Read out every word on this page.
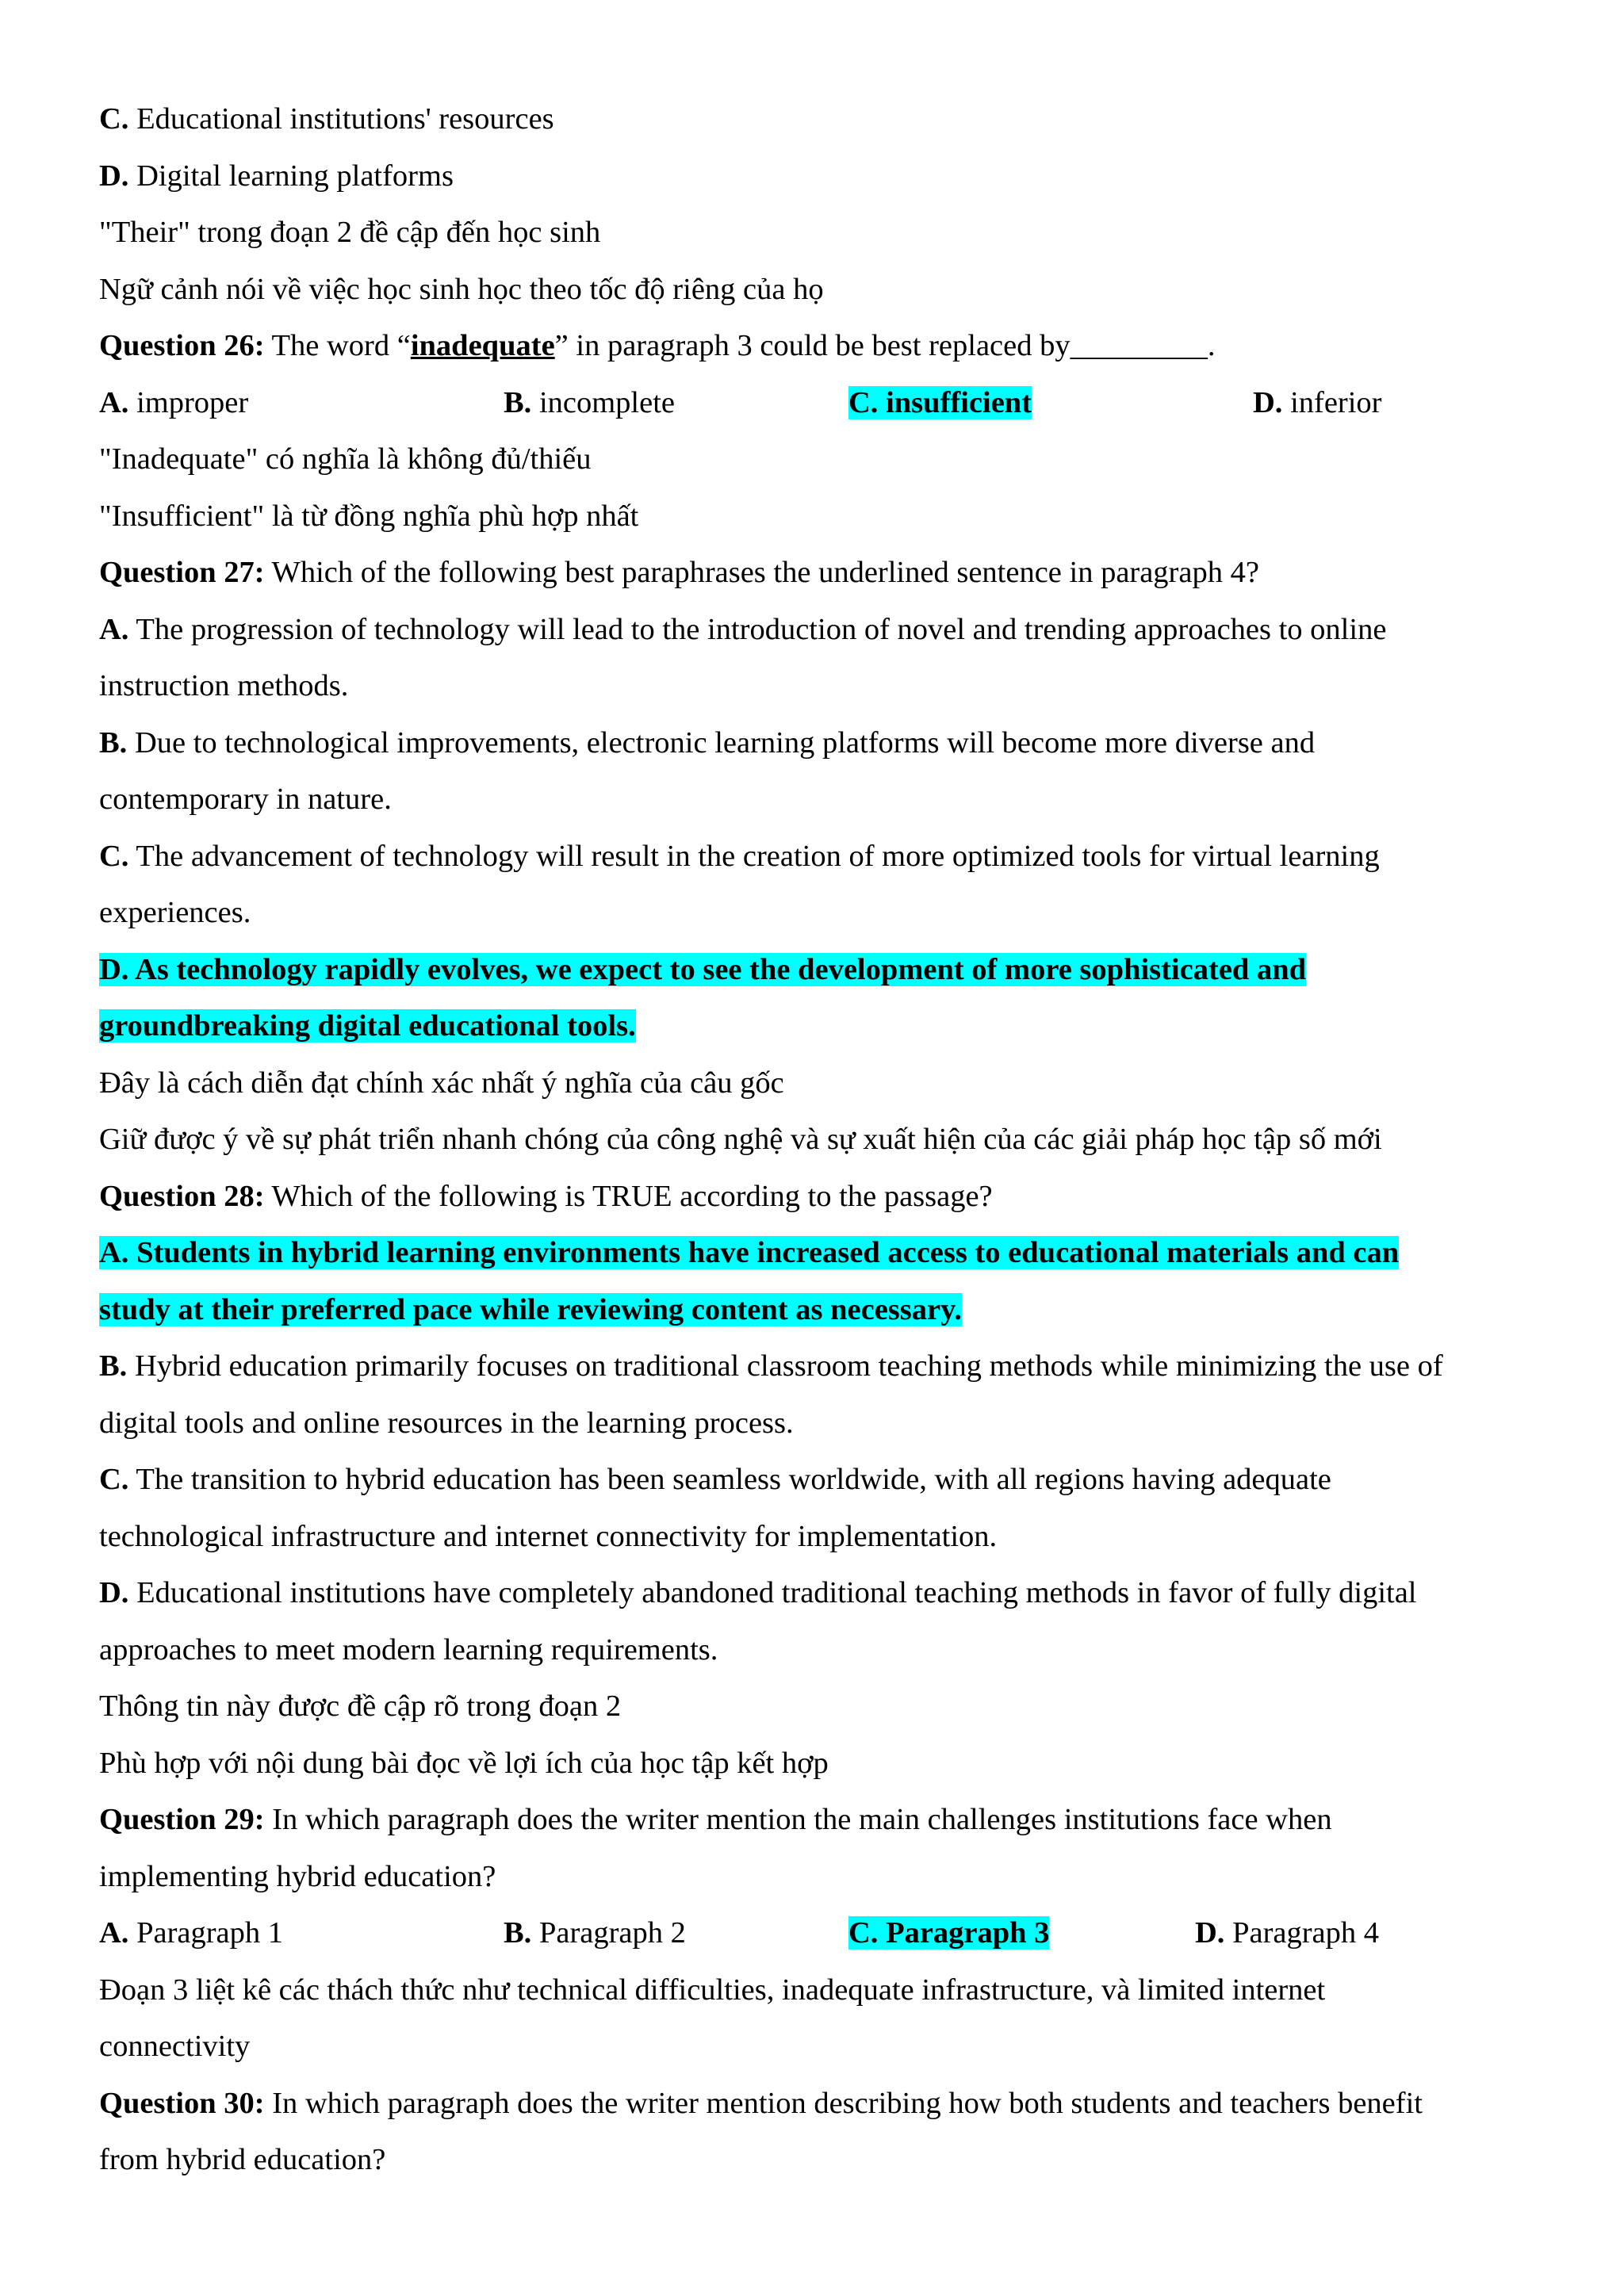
C. Educational institutions' resources
D. Digital learning platforms
"Their" trong đoạn 2 đề cập đến học sinh
Ngữ cảnh nói về việc học sinh học theo tốc độ riêng của họ
Question 26: The word “inadequate” in paragraph 3 could be best replaced by_________.
A. improper	B. incomplete	C. insufficient	D. inferior
"Inadequate" có nghĩa là không đủ/thiếu
"Insufficient" là từ đồng nghĩa phù hợp nhất
Question 27: Which of the following best paraphrases the underlined sentence in paragraph 4?
A. The progression of technology will lead to the introduction of novel and trending approaches to online
instruction methods.
B. Due to technological improvements, electronic learning platforms will become more diverse and
contemporary in nature.
C. The advancement of technology will result in the creation of more optimized tools for virtual learning
experiences.
D. As technology rapidly evolves, we expect to see the development of more sophisticated and
groundbreaking digital educational tools.
Đây là cách diễn đạt chính xác nhất ý nghĩa của câu gốc
Giữ được ý về sự phát triển nhanh chóng của công nghệ và sự xuất hiện của các giải pháp học tập số mới
Question 28: Which of the following is TRUE according to the passage?
A. Students in hybrid learning environments have increased access to educational materials and can
study at their preferred pace while reviewing content as necessary.
B. Hybrid education primarily focuses on traditional classroom teaching methods while minimizing the use of
digital tools and online resources in the learning process.
C. The transition to hybrid education has been seamless worldwide, with all regions having adequate
technological infrastructure and internet connectivity for implementation.
D. Educational institutions have completely abandoned traditional teaching methods in favor of fully digital
approaches to meet modern learning requirements.
Thông tin này được đề cập rõ trong đoạn 2
Phù hợp với nội dung bài đọc về lợi ích của học tập kết hợp
Question 29: In which paragraph does the writer mention the main challenges institutions face when
implementing hybrid education?
A. Paragraph 1	B. Paragraph 2	C. Paragraph 3	D. Paragraph 4
Đoạn 3 liệt kê các thách thức như technical difficulties, inadequate infrastructure, và limited internet
connectivity
Question 30: In which paragraph does the writer mention describing how both students and teachers benefit
from hybrid education?
